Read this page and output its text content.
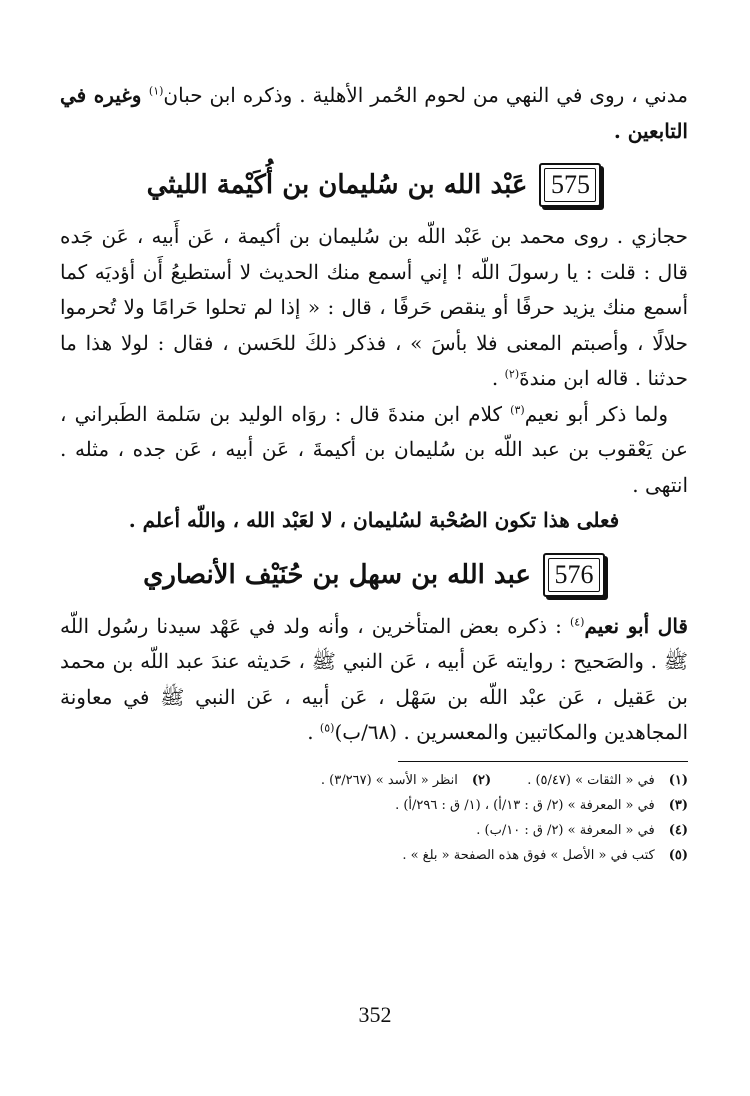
مدني ، روى في النهي من لحوم الحُمر الأهلية . وذكره ابن حبان$^{(١)}$ وغيره في التابعين .

575
عَبْد الله بن سُليمان بن أُكَيْمة الليثي

حجازي . روى محمد بن عَبْد اللّه بن سُليمان بن أكيمة ، عَن أَبيه ، عَن جَده قال : قلت : يا رسولَ اللّه ! إني أسمع منك الحديث لا أستطيعُ أَن أؤديَه كما أسمع منك يزيد حرفًا أو ينقص حَرفًا ، قال : « إذا لم تحلوا حَرامًا ولا تُحرموا حلالًا ، وأصبتم المعنى فلا بأسَ » ، فذكر ذلكَ للحَسن ، فقال : لولا هذا ما حدثنا . قاله ابن مندةَ$^{(٢)}$ .

ولما ذكر أبو نعيم$^{(٣)}$ كلام ابن مندةَ قال : روَاه الوليد بن سَلمة الطَبراني ، عن يَعْقوب بن عبد اللّه بن سُليمان بن أكيمةَ ، عَن أبيه ، عَن جده ، مثله . انتهى .

فعلى هذا تكون الصُحْبة لسُليمان ، لا لعَبْد الله ، واللّه أعلم .

576
عبد الله بن سهل بن حُنَيْف الأنصاري

قال أبو نعيم$^{(٤)}$ : ذكره بعض المتأخرين ، وأنه ولد في عَهْد سيدنا رسُول اللّه ﷺ . والصَحيح : روايته عَن أبيه ، عَن النبي ﷺ ، حَديثه عندَ عبد اللّه بن محمد بن عَقيل ، عَن عبْد اللّه بن سَهْل ، عَن أبيه ، عَن النبي ﷺ في معاونة المجاهدين والمكاتبين والمعسرين . (٦٨/ب)$^{(٥)}$ .

(١)
في « الثقات » (٥/٤٧) .
(٢)
انظر « الأسد » (٣/٢٦٧) .
(٣)
في « المعرفة » (٢/ ق : ١٣/أ) ، (١/ ق : ٢٩٦/أ) .
(٤)
في « المعرفة » (٢/ ق : ١٠/ب) .
(٥)
كتب في « الأصل » فوق هذه الصفحة « بلغ » .
352
